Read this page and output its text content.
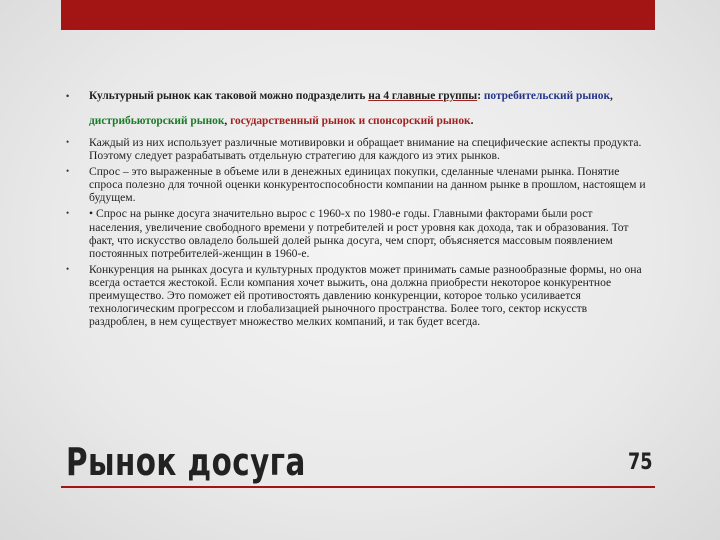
• Культурный рынок как таковой можно подразделить на 4 главные группы: потребительский рынок, дистрибьюторский рынок, государственный рынок и спонсорский рынок.
• Каждый из них использует различные мотивировки и обращает внимание на специфические аспекты продукта. Поэтому следует разрабатывать отдельную стратегию для каждого из этих рынков.
• Спрос – это выраженные в объеме или в денежных единицах покупки, сделанные членами рынка. Понятие спроса полезно для точной оценки конкурентоспособности компании на данном рынке в прошлом, настоящем и будущем.
• • Спрос на рынке досуга значительно вырос с 1960-х по 1980-е годы. Главными факторами были рост населения, увеличение свободного времени у потребителей и рост уровня как дохода, так и образования. Тот факт, что искусство овладело большей долей рынка досуга, чем спорт, объясняется массовым появлением постоянных потребителей-женщин в 1960-е.
• Конкуренция на рынках досуга и культурных продуктов может принимать самые разнообразные формы, но она всегда остается жестокой. Если компания хочет выжить, она должна приобрести некоторое конкурентное преимущество. Это поможет ей противостоять давлению конкуренции, которое только усиливается технологическим прогрессом и глобализацией рыночного пространства. Более того, сектор искусств раздроблен, в нем существует множество мелких компаний, и так будет всегда.
Рынок досуга	75
